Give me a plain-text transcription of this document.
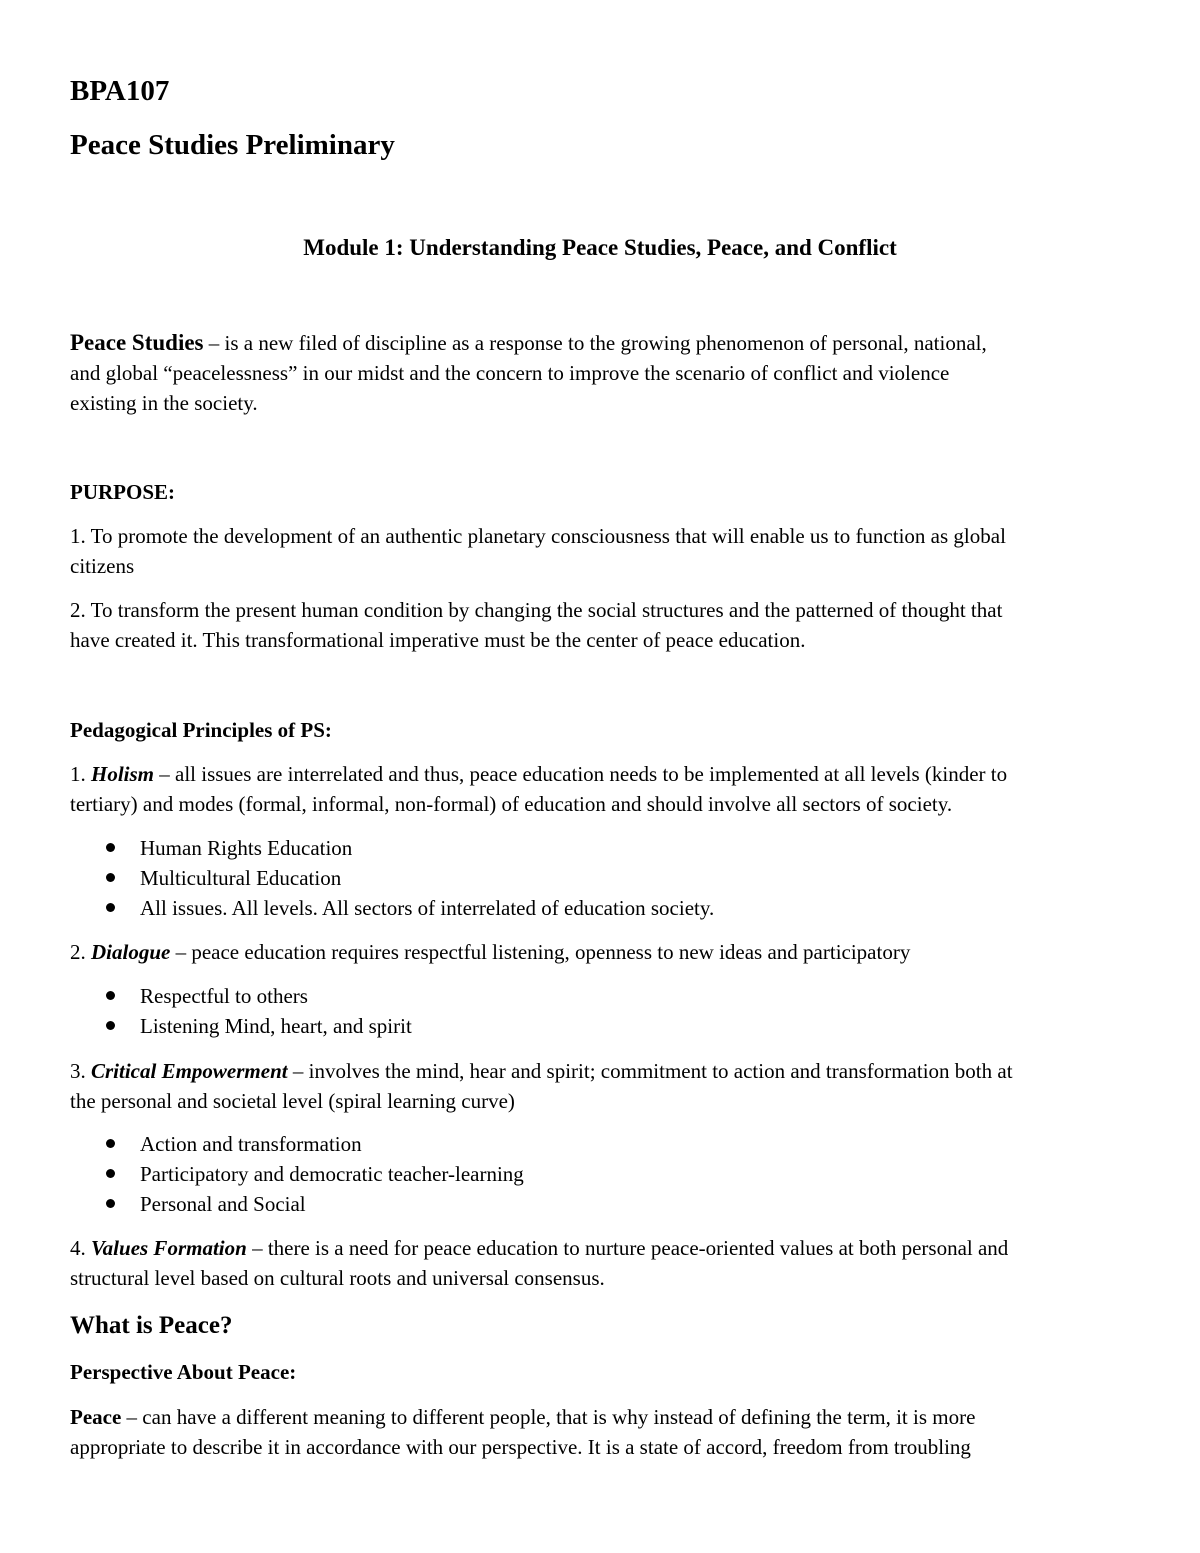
BPA107

Peace Studies Preliminary

Module 1: Understanding Peace Studies, Peace, and Conflict

Peace Studies – is a new filed of discipline as a response to the growing phenomenon of personal, national,
and global “peacelessness” in our midst and the concern to improve the scenario of conflict and violence
existing in the society.

PURPOSE:

1. To promote the development of an authentic planetary consciousness that will enable us to function as global
citizens
2. To transform the present human condition by changing the social structures and the patterned of thought that
have created it. This transformational imperative must be the center of peace education.

Pedagogical Principles of PS:

1. Holism – all issues are interrelated and thus, peace education needs to be implemented at all levels (kinder to
tertiary) and modes (formal, informal, non-formal) of education and should involve all sectors of society.
Human Rights Education
Multicultural Education
All issues. All levels. All sectors of interrelated of education society.
2. Dialogue – peace education requires respectful listening, openness to new ideas and participatory
Respectful to others
Listening Mind, heart, and spirit
3. Critical Empowerment – involves the mind, hear and spirit; commitment to action and transformation both at
the personal and societal level (spiral learning curve)
Action and transformation
Participatory and democratic teacher-learning
Personal and Social
4. Values Formation – there is a need for peace education to nurture peace-oriented values at both personal and
structural level based on cultural roots and universal consensus.

What is Peace?

Perspective About Peace:

Peace – can have a different meaning to different people, that is why instead of defining the term, it is more
appropriate to describe it in accordance with our perspective. It is a state of accord, freedom from troubling
